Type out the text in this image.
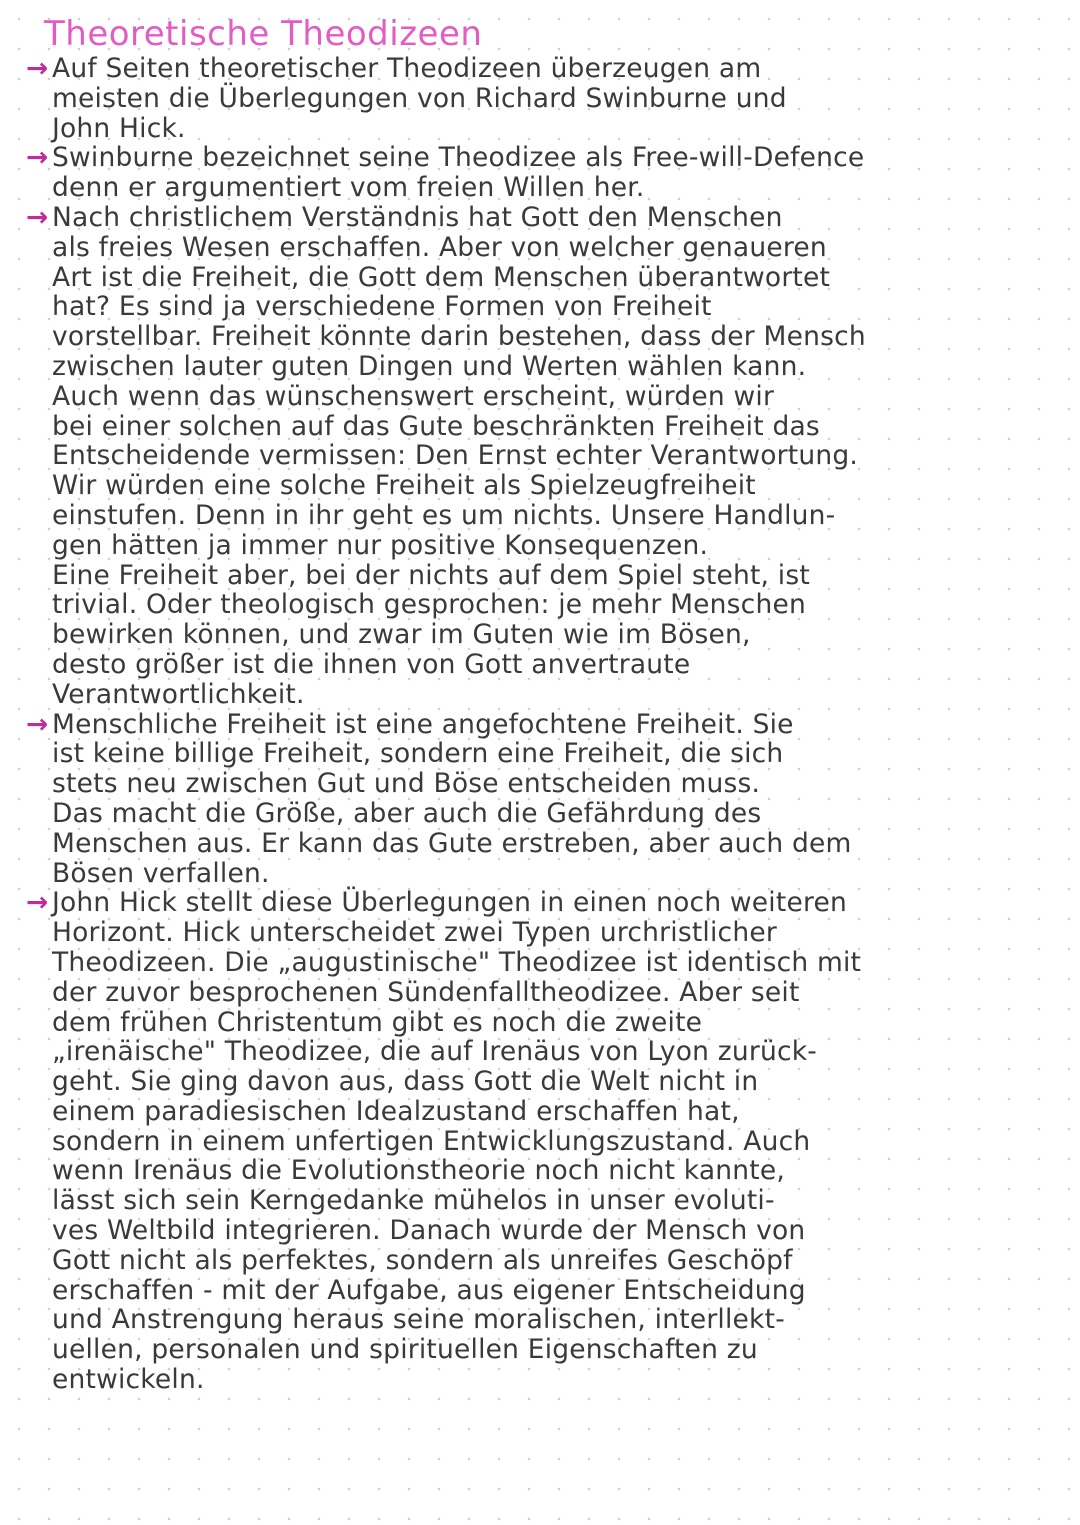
Theoretische Theodizeen
→ Auf Seiten theoretischer Theodizeen überzeugen am
meisten die Überlegungen von Richard Swinburne und
John Hick.
→ Swinburne bezeichnet seine Theodizee als Free-will-Defence
denn er argumentiert vom freien Willen her.
→ Nach christlichem Verständnis hat Gott den Menschen
als freies Wesen erschaffen. Aber von welcher genaueren
Art ist die Freiheit, die Gott dem Menschen überantwortet
hat? Es sind ja verschiedene Formen von Freiheit
vorstellbar. Freiheit könnte darin bestehen, dass der Mensch
zwischen lauter guten Dingen und Werten wählen kann.
Auch wenn das wünschenswert erscheint, würden wir
bei einer solchen auf das Gute beschränkten Freiheit das
Entscheidende vermissen: Den Ernst echter Verantwortung.
Wir würden eine solche Freiheit als Spielzeugfreiheit
einstufen. Denn in ihr geht es um nichts. Unsere Handlun-
gen hätten ja immer nur positive Konsequenzen.
Eine Freiheit aber, bei der nichts auf dem Spiel steht, ist
trivial. Oder theologisch gesprochen: je mehr Menschen
bewirken können, und zwar im Guten wie im Bösen,
desto größer ist die ihnen von Gott anvertraute
Verantwortlichkeit.
→ Menschliche Freiheit ist eine angefochtene Freiheit. Sie
ist keine billige Freiheit, sondern eine Freiheit, die sich
stets neu zwischen Gut und Böse entscheiden muss.
Das macht die Größe, aber auch die Gefährdung des
Menschen aus. Er kann das Gute erstreben, aber auch dem
Bösen verfallen.
→ John Hick stellt diese Überlegungen in einen noch weiteren
Horizont. Hick unterscheidet zwei Typen urchristlicher
Theodizeen. Die „augustinische" Theodizee ist identisch mit
der zuvor besprochenen Sündenfalltheodizee. Aber seit
dem frühen Christentum gibt es noch die zweite
„irenäische" Theodizee, die auf Irenäus von Lyon zurück-
geht. Sie ging davon aus, dass Gott die Welt nicht in
einem paradiesischen Idealzustand erschaffen hat,
sondern in einem unfertigen Entwicklungszustand. Auch
wenn Irenäus die Evolutionstheorie noch nicht kannte,
lässt sich sein Kerngedanke mühelos in unser evoluti-
ves Weltbild integrieren. Danach wurde der Mensch von
Gott nicht als perfektes, sondern als unreifes Geschöpf
erschaffen - mit der Aufgabe, aus eigener Entscheidung
und Anstrengung heraus seine moralischen, interllekt-
uellen, personalen und spirituellen Eigenschaften zu
entwickeln.
